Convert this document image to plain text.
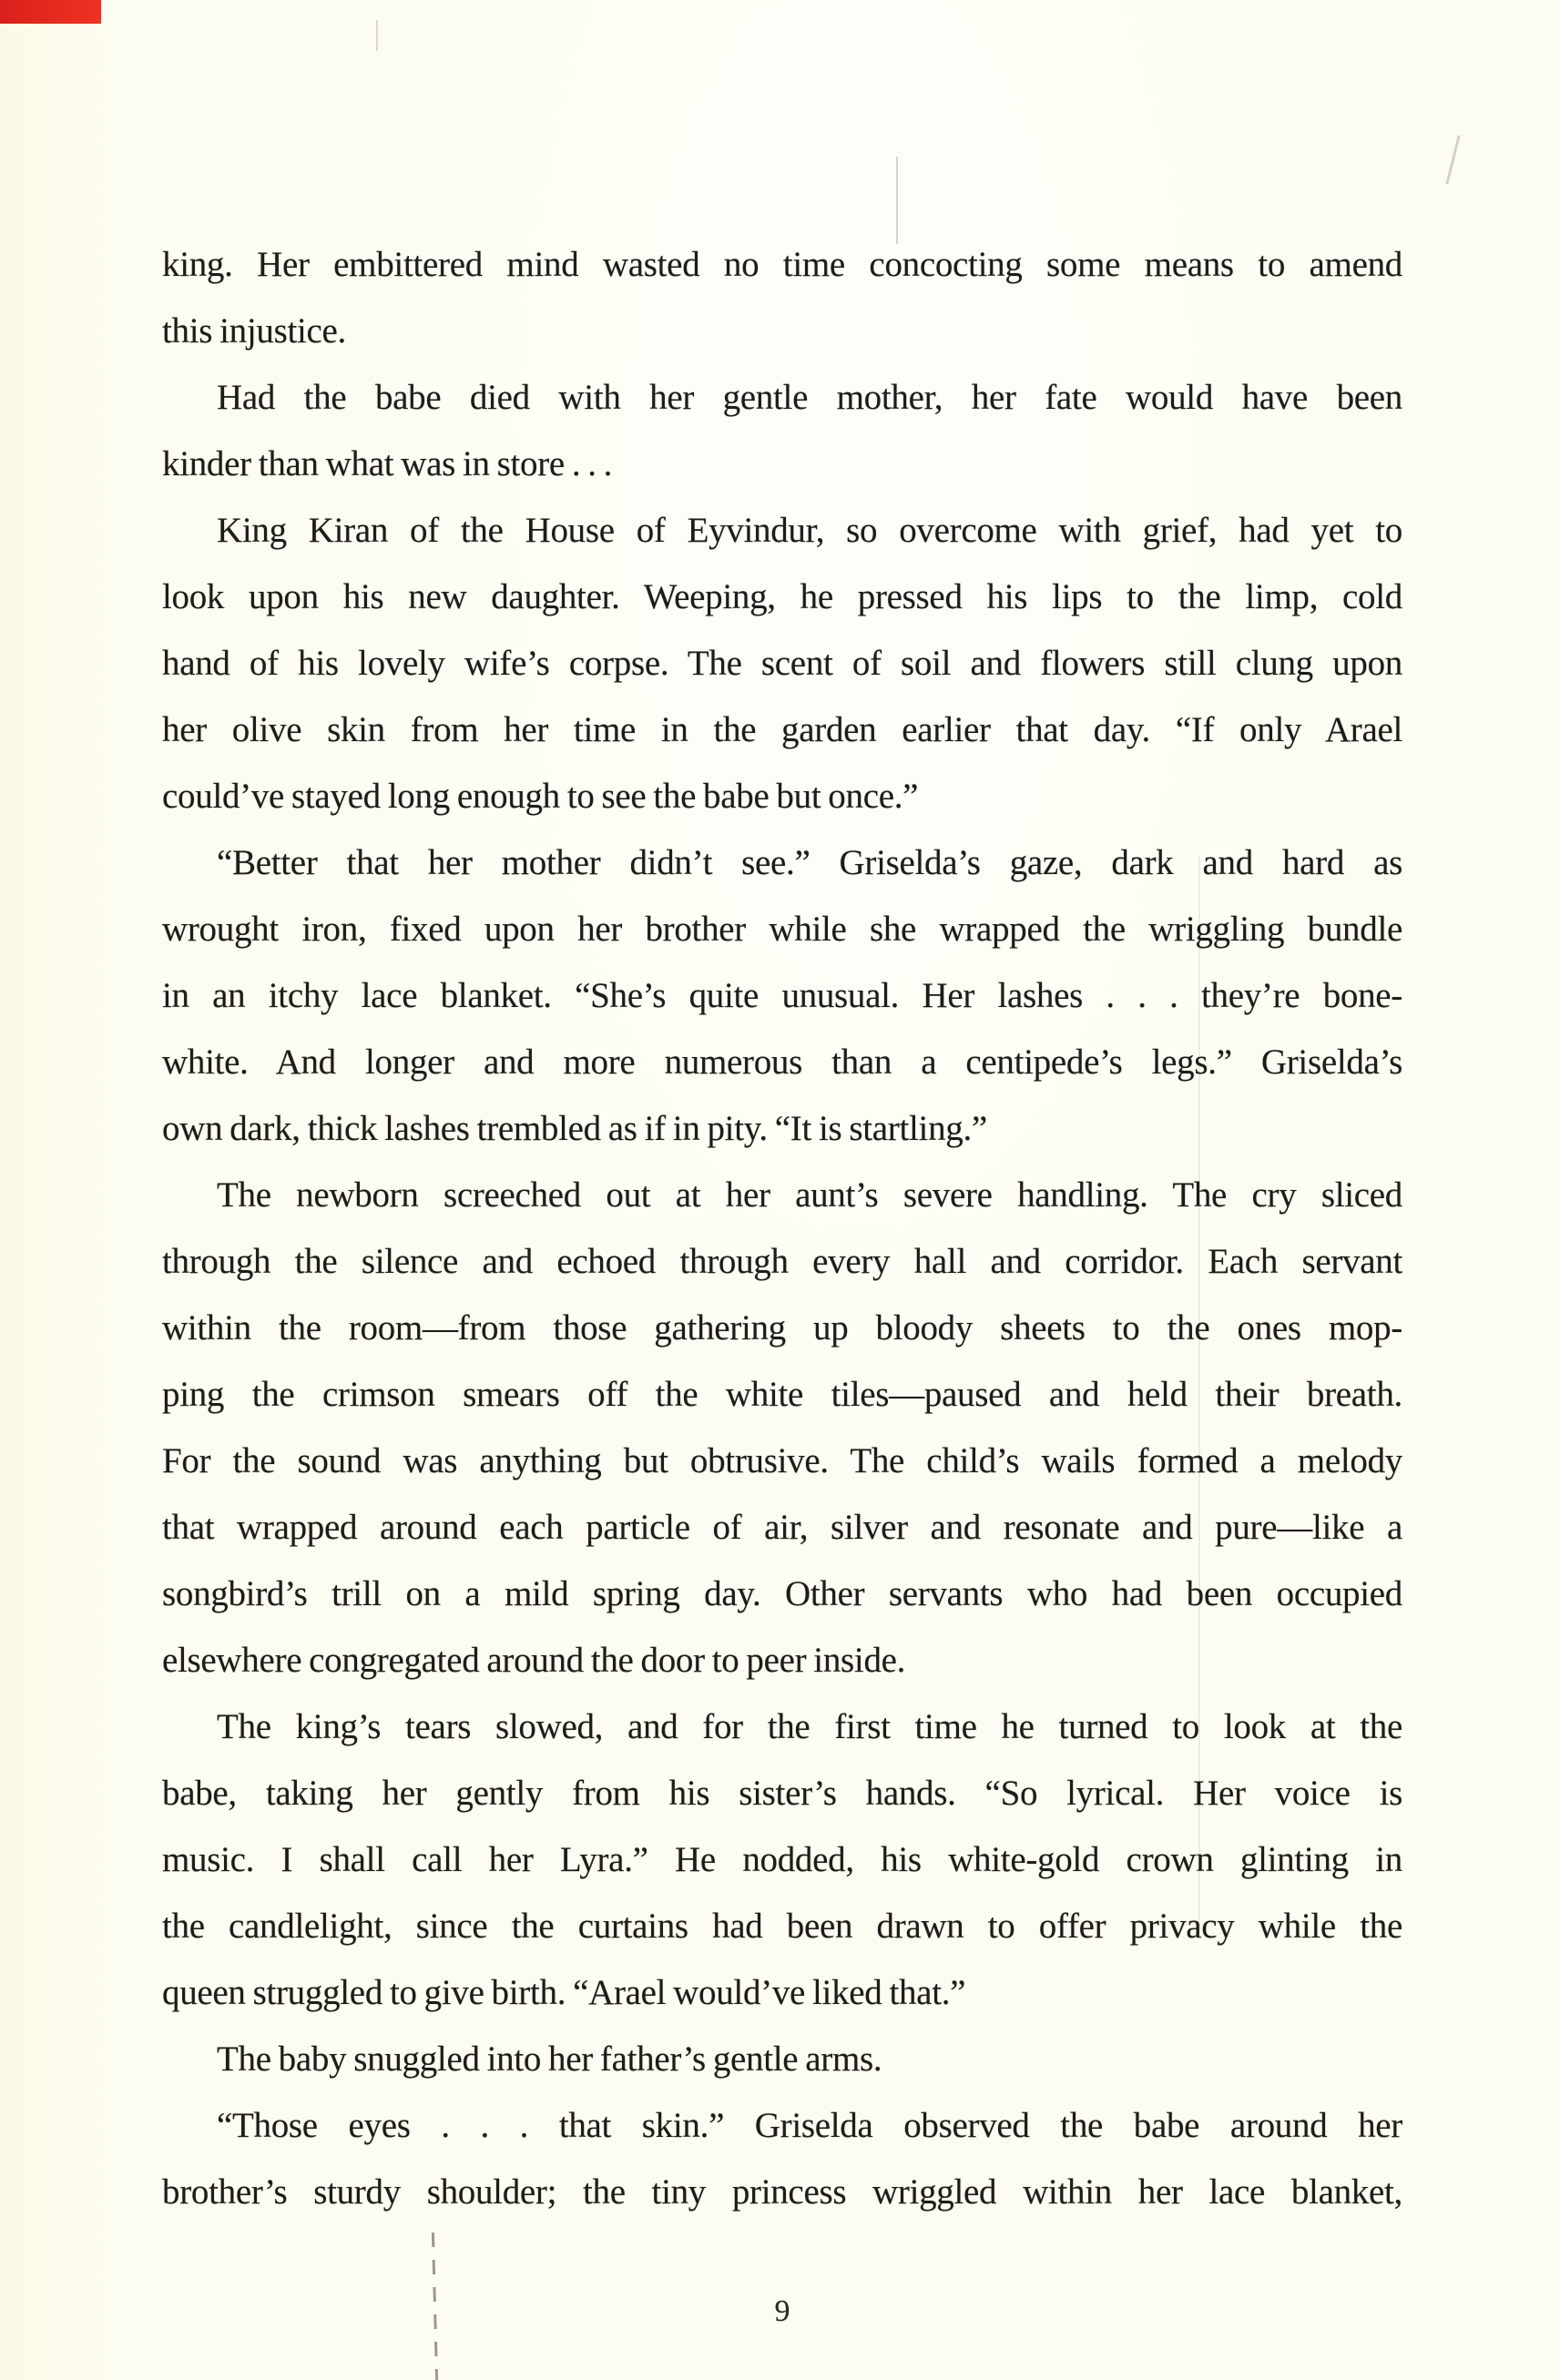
king. Her embittered mind wasted no time concocting some means to amend
this injustice.
Had the babe died with her gentle mother, her fate would have been
kinder than what was in store . . .
King Kiran of the House of Eyvindur, so overcome with grief, had yet to
look upon his new daughter. Weeping, he pressed his lips to the limp, cold
hand of his lovely wife’s corpse. The scent of soil and flowers still clung upon
her olive skin from her time in the garden earlier that day. “If only Arael
could’ve stayed long enough to see the babe but once.”
“Better that her mother didn’t see.” Griselda’s gaze, dark and hard as
wrought iron, fixed upon her brother while she wrapped the wriggling bundle
in an itchy lace blanket. “She’s quite unusual. Her lashes . . . they’re bone-
white. And longer and more numerous than a centipede’s legs.” Griselda’s
own dark, thick lashes trembled as if in pity. “It is startling.”
The newborn screeched out at her aunt’s severe handling. The cry sliced
through the silence and echoed through every hall and corridor. Each servant
within the room—from those gathering up bloody sheets to the ones mop-
ping the crimson smears off the white tiles—paused and held their breath.
For the sound was anything but obtrusive. The child’s wails formed a melody
that wrapped around each particle of air, silver and resonate and pure—like a
songbird’s trill on a mild spring day. Other servants who had been occupied
elsewhere congregated around the door to peer inside.
The king’s tears slowed, and for the first time he turned to look at the
babe, taking her gently from his sister’s hands. “So lyrical. Her voice is
music. I shall call her Lyra.” He nodded, his white-gold crown glinting in
the candlelight, since the curtains had been drawn to offer privacy while the
queen struggled to give birth. “Arael would’ve liked that.”
The baby snuggled into her father’s gentle arms.
“Those eyes . . . that skin.” Griselda observed the babe around her
brother’s sturdy shoulder; the tiny princess wriggled within her lace blanket,
9
